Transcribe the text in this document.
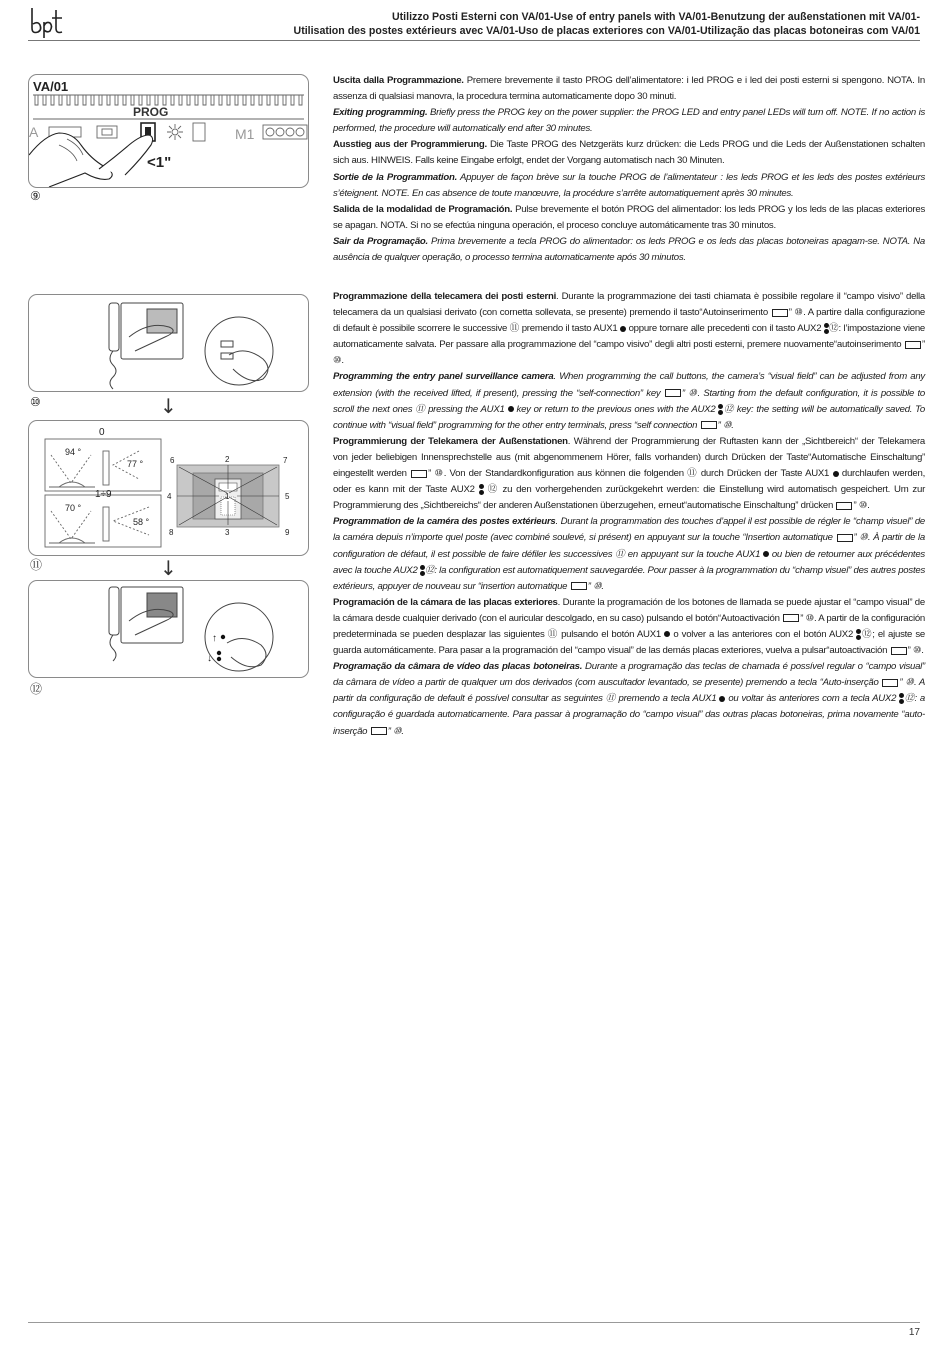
Utilizzo Posti Esterni con VA/01-Use of entry panels with VA/01-Benutzung der außenstationen mit VA/01-
Utilisation des postes extérieurs avec VA/01-Uso de placas exteriores con VA/01-Utilização das placas botoneiras com VA/01
VA/01
PROG
A	M1
<1"
⑨

Uscita dalla Programmazione. Premere brevemente il tasto PROG dell’alimentatore: i led PROG e i led dei posti esterni si spengono. NOTA. In assenza di qualsiasi manovra, la procedura termina automaticamente dopo 30 minuti.

Exiting programming. Briefly press the PROG key on the power supplier: the PROG LED and entry panel LEDs will turn off. NOTE. If no action is performed, the procedure will automatically end after 30 minutes.

Ausstieg aus der Programmierung. Die Taste PROG des Netzgeräts kurz drücken: die Leds PROG und die Leds der Außenstationen schalten sich aus. HINWEIS. Falls keine Eingabe erfolgt, endet der Vorgang automatisch nach 30 Minuten.

Sortie de la Programmation. Appuyer de façon brève sur la touche PROG de l’alimentateur : les leds PROG et les leds des postes extérieurs s’éteignent. NOTE. En cas absence de toute manœuvre, la procédure s’arrête automatiquement après 30 minutes.

Salida de la modalidad de Programación. Pulse brevemente el botón PROG del alimentador: los leds PROG y los leds de las placas exteriores se apagan. NOTA. Si no se efectúa ninguna operación, el proceso concluye automáticamente tras 30 minutos.

Sair da Programação. Prima brevemente a tecla PROG do alimentador: os leds PROG e os leds das placas botoneiras apagam-se. NOTA. Na ausência de qualquer operação, o processo termina automaticamente após 30 minutos.

↓
⑩
0
1÷9
94 °
77 °
70 °
58 °
6	2	7
4	1	5
8	3	9
↓
⑪
↑
↓
⑫

Programmazione della telecamera dei posti esterni. Durante la programmazione dei tasti chiamata è possibile regolare il “campo visivo” della telecamera da un qualsiasi derivato (con cornetta sollevata, se presente) premendo il tasto“Autoinserimento ” ⑩. A partire dalla configurazione di default è possibile scorrere le successive ⑪ premendo il tasto AUX1 oppure tornare alle precedenti con il tasto AUX2 ⑫: l’impostazione viene automaticamente salvata. Per passare alla programmazione del “campo visivo” degli altri posti esterni, premere nuovamente“autoinserimento ” ⑩.

Programming the entry panel surveillance camera. When programming the call buttons, the camera’s “visual field” can be adjusted from any extension (with the received lifted, if present), pressing the “self-connection” key ” ⑩. Starting from the default configuration, it is possible to scroll the next ones ⑪ pressing the AUX1 key or return to the previous ones with the AUX2 ⑫ key: the setting will be automatically saved. To continue with “visual field” programming for the other entry terminals, press “self connection ” ⑩.

Programmierung der Telekamera der Außenstationen. Während der Programmierung der Ruftasten kann der „Sichtbereich“ der Telekamera von jeder beliebigen Innensprechstelle aus (mit abgenommenem Hörer, falls vorhanden) durch Drücken der Taste“Automatische Einschaltung” eingestellt werden ” ⑩. Von der Standardkonfiguration aus können die folgenden ⑪ durch Drücken der Taste AUX1 durchlaufen werden, oder es kann mit der Taste AUX2 ⑫ zu den vorhergehenden zurückgekehrt werden: die Einstellung wird automatisch gespeichert. Um zur Programmierung des „Sichtbereichs“ der anderen Außenstationen überzugehen, erneut“automatische Einschaltung” drücken ” ⑩.

Programmation de la caméra des postes extérieurs. Durant la programmation des touches d’appel il est possible de régler le “champ visuel” de la caméra depuis n’importe quel poste (avec combiné soulevé, si présent) en appuyant sur la touche “Insertion automatique ” ⑩. À partir de la configuration de défaut, il est possible de faire défiler les successives ⑪ en appuyant sur la touche AUX1 ou bien de retourner aux précédentes avec la touche AUX2 ⑫: la configuration est automatiquement sauvegardée. Pour passer à la programmation du “champ visuel” des autres postes extérieurs, appuyer de nouveau sur “insertion automatique ” ⑩.

Programación de la cámara de las placas exteriores. Durante la programación de los botones de llamada se puede ajustar el “campo visual” de la cámara desde cualquier derivado (con el auricular descolgado, en su caso) pulsando el botón“Autoactivación ” ⑩. A partir de la configuración predeterminada se pueden desplazar las siguientes ⑪ pulsando el botón AUX1 o volver a las anteriores con el botón AUX2 ⑫; el ajuste se guarda automáticamente. Para pasar a la programación del “campo visual” de las demás placas exteriores, vuelva a pulsar“autoactivación ” ⑩.

Programação da câmara de vídeo das placas botoneiras. Durante a programação das teclas de chamada é possível regular o “campo visual” da câmara de vídeo a partir de qualquer um dos derivados (com auscultador levantado, se presente) premendo a tecla “Auto-inserção ” ⑩. A partir da configuração de default é possível consultar as seguintes ⑪ premendo a tecla AUX1 ou voltar às anteriores com a tecla AUX2 ⑫: a configuração é guardada automaticamente. Para passar à programação do “campo visual” das outras placas botoneiras, prima novamente “auto-inserção ” ⑩.

17
